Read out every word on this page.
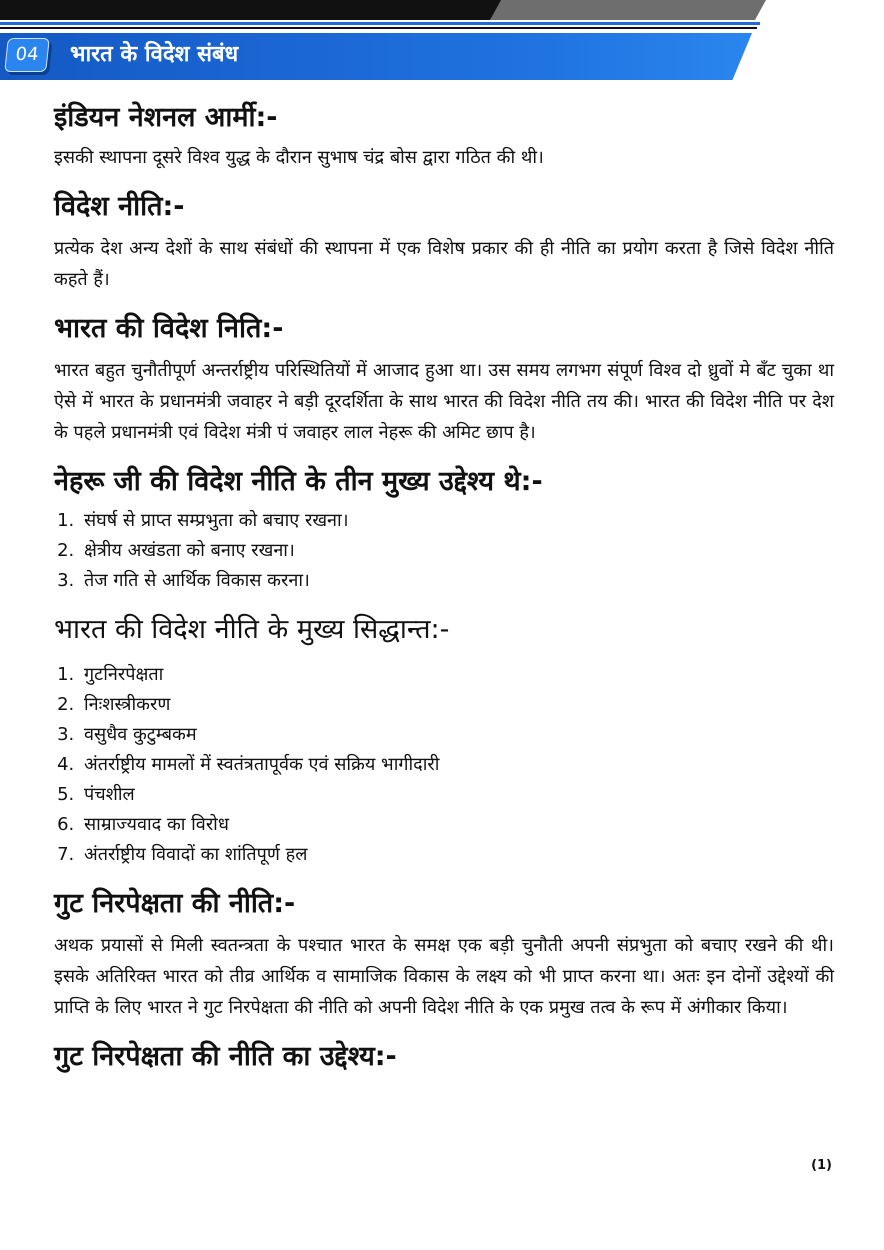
04	भारत के विदेश संबंध
इंडियन नेशनल आर्मी:-

इसकी स्थापना दूसरे विश्व युद्ध के दौरान सुभाष चंद्र बोस द्वारा गठित की थी।

विदेश नीति:-

प्रत्येक देश अन्य देशों के साथ संबंधों की स्थापना में एक विशेष प्रकार की ही नीति का प्रयोग करता है जिसे विदेश नीति कहते हैं।

भारत की विदेश निति:-

भारत बहुत चुनौतीपूर्ण अन्तर्राष्ट्रीय परिस्थितियों में आजाद हुआ था। उस समय लगभग संपूर्ण विश्व दो ध्रुवों मे बँट चुका था ऐसे में भारत के प्रधानमंत्री जवाहर ने बड़ी दूरदर्शिता के साथ भारत की विदेश नीति तय की। भारत की विदेश नीति पर देश के पहले प्रधानमंत्री एवं विदेश मंत्री पं जवाहर लाल नेहरू की अमिट छाप है।

नेहरू जी की विदेश नीति के तीन मुख्य उद्देश्य थे:-
1. संघर्ष से प्राप्त सम्प्रभुता को बचाए रखना।
2. क्षेत्रीय अखंडता को बनाए रखना।
3. तेज गति से आर्थिक विकास करना।
भारत की विदेश नीति के मुख्य सिद्धान्त:-
1. गुटनिरपेक्षता
2. निःशस्त्रीकरण
3. वसुधैव कुटुम्बकम
4. अंतर्राष्ट्रीय मामलों में स्वतंत्रतापूर्वक एवं सक्रिय भागीदारी
5. पंचशील
6. साम्राज्यवाद का विरोध
7. अंतर्राष्ट्रीय विवादों का शांतिपूर्ण हल
गुट निरपेक्षता की नीति:-

अथक प्रयासों से मिली स्वतन्त्रता के पश्चात भारत के समक्ष एक बड़ी चुनौती अपनी संप्रभुता को बचाए रखने की थी। इसके अतिरिक्त भारत को तीव्र आर्थिक व सामाजिक विकास के लक्ष्य को भी प्राप्त करना था। अतः इन दोनों उद्देश्यों की प्राप्ति के लिए भारत ने गुट निरपेक्षता की नीति को अपनी विदेश नीति के एक प्रमुख तत्व के रूप में अंगीकार किया।

गुट निरपेक्षता की नीति का उद्देश्य:-
(1)
